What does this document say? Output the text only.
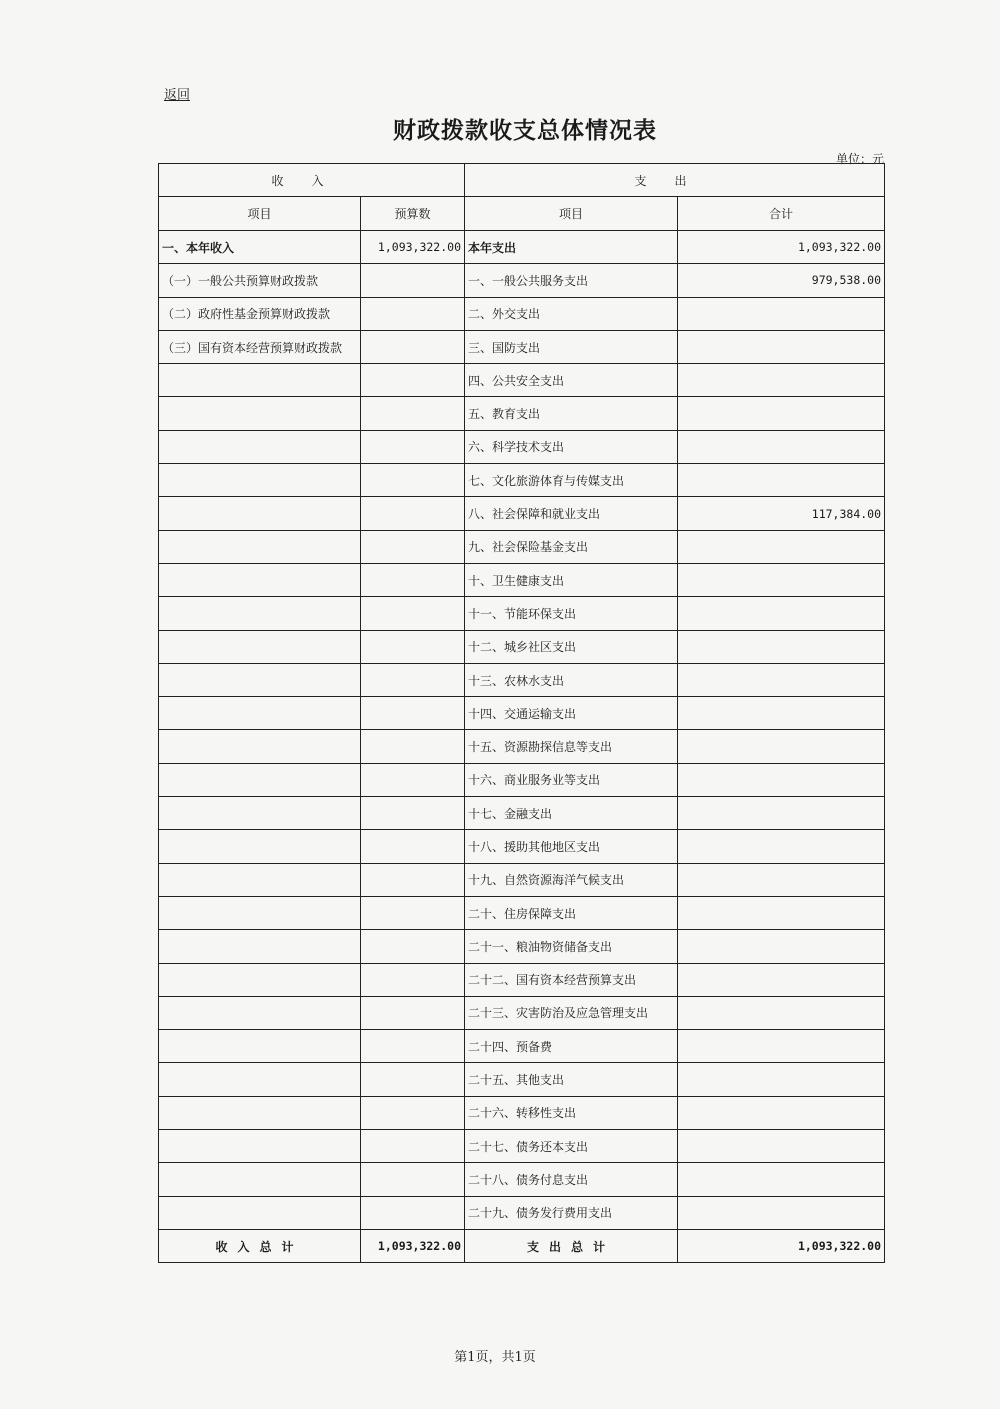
返回
财政拨款收支总体情况表
单位：元
收入		支出	
项目	预算数	项目	合计
一、本年收入	1,093,322.00	本年支出	1,093,322.00
（一）一般公共预算财政拨款		一、一般公共服务支出	979,538.00
（二）政府性基金预算财政拨款		二、外交支出	
（三）国有资本经营预算财政拨款		三、国防支出	
		四、公共安全支出	
		五、教育支出	
		六、科学技术支出	
		七、文化旅游体育与传媒支出	
		八、社会保障和就业支出	117,384.00
		九、社会保险基金支出	
		十、卫生健康支出	
		十一、节能环保支出	
		十二、城乡社区支出	
		十三、农林水支出	
		十四、交通运输支出	
		十五、资源勘探信息等支出	
		十六、商业服务业等支出	
		十七、金融支出	
		十八、援助其他地区支出	
		十九、自然资源海洋气候支出	
		二十、住房保障支出	
		二十一、粮油物资储备支出	
		二十二、国有资本经营预算支出	
		二十三、灾害防治及应急管理支出	
		二十四、预备费	
		二十五、其他支出	
		二十六、转移性支出	
		二十七、债务还本支出	
		二十八、债务付息支出	
		二十九、债务发行费用支出	
收入总计	1,093,322.00	支出总计	1,093,322.00
第1页，共1页
